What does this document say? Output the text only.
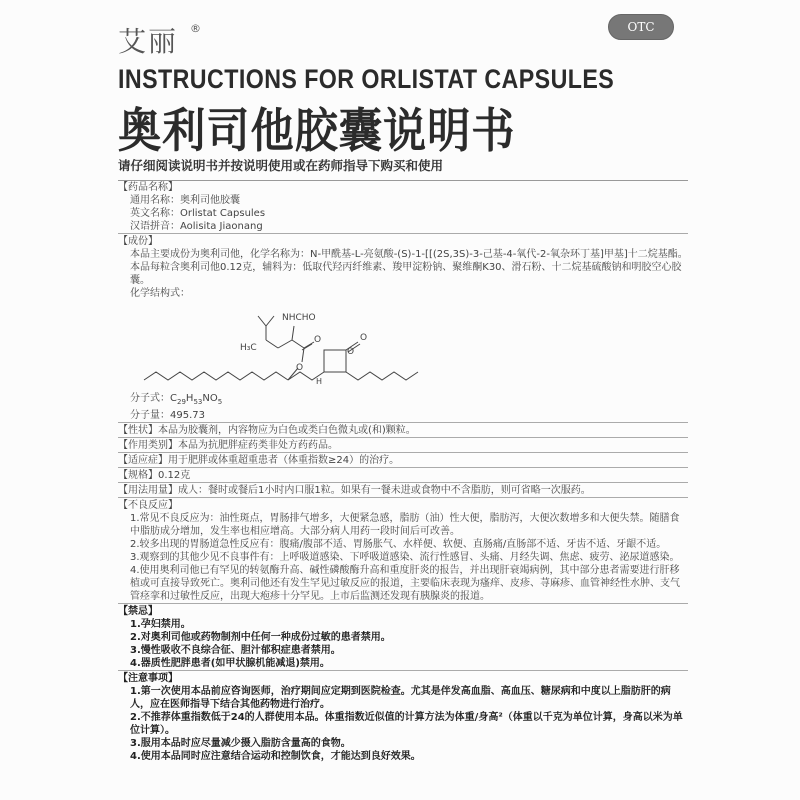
艾丽 ®	OTC
INSTRUCTIONS FOR ORLISTAT CAPSULES
奥利司他胶囊说明书
请仔细阅读说明书并按说明使用或在药师指导下购买和使用
【药品名称】
通用名称：奥利司他胶囊
英文名称：Orlistat Capsules
汉语拼音：Aolisita Jiaonang
【成份】
本品主要成份为奥利司他，化学名称为：N-甲酰基-L-亮氨酸-(S)-1-[[(2S,3S)-3-己基-4-氧代-2-氧杂环丁基]甲基]十二烷基酯。本品每粒含奥利司他0.12克，辅料为：低取代羟丙纤维素、羧甲淀粉钠、聚维酮K30、滑石粉、十二烷基硫酸钠和明胶空心胶囊。
化学结构式：
NHCHO
H₃C
O
O
O
O
H
分子式：$C_{29}H_{53}NO_5$
分子量：495.73
【性状】本品为胶囊剂，内容物应为白色或类白色微丸或(和)颗粒。
【作用类别】本品为抗肥胖症药类非处方药药品。
【适应症】用于肥胖或体重超重患者（体重指数≥24）的治疗。
【规格】0.12克
【用法用量】成人：餐时或餐后1小时内口服1粒。如果有一餐未进或食物中不含脂肪，则可省略一次服药。
【不良反应】
1.常见不良反应为：油性斑点，胃肠排气增多，大便紧急感，脂肪（油）性大便，脂肪泻，大便次数增多和大便失禁。随膳食中脂肪成分增加，发生率也相应增高。大部分病人用药一段时间后可改善。
2.较多出现的胃肠道急性反应有：腹痛/腹部不适、胃肠胀气、水样便、软便、直肠痛/直肠部不适、牙齿不适、牙龈不适。
3.观察到的其他少见不良事件有：上呼吸道感染、下呼吸道感染、流行性感冒、头痛、月经失调、焦虑、疲劳、泌尿道感染。
4.使用奥利司他已有罕见的转氨酶升高、碱性磷酸酶升高和重度肝炎的报告，并出现肝衰竭病例，其中部分患者需要进行肝移植或可直接导致死亡。奥利司他还有发生罕见过敏反应的报道，主要临床表现为瘙痒、皮疹、荨麻疹、血管神经性水肿、支气管痉挛和过敏性反应，出现大疱疹十分罕见。上市后监测还发现有胰腺炎的报道。
【禁忌】
1.孕妇禁用。
2.对奥利司他或药物制剂中任何一种成份过敏的患者禁用。
3.慢性吸收不良综合征、胆汁郁积症患者禁用。
4.器质性肥胖患者(如甲状腺机能减退)禁用。
【注意事项】
1.第一次使用本品前应咨询医师，治疗期间应定期到医院检查。尤其是伴发高血脂、高血压、糖尿病和中度以上脂肪肝的病人，应在医师指导下结合其他药物进行治疗。
2.不推荐体重指数低于24的人群使用本品。体重指数近似值的计算方法为体重/身高²（体重以千克为单位计算，身高以米为单位计算）。
3.服用本品时应尽量减少摄入脂肪含量高的食物。
4.使用本品同时应注意结合运动和控制饮食，才能达到良好效果。
